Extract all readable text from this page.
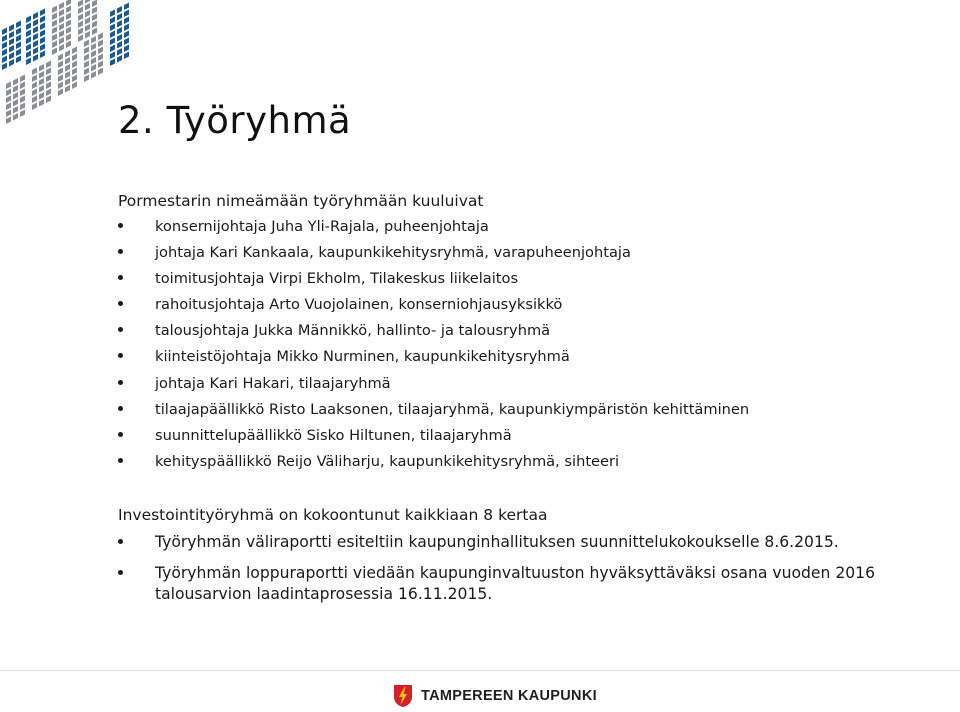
2. Työryhmä

Pormestarin nimeämään työryhmään kuuluivat

konsernijohtaja Juha Yli-Rajala, puheenjohtaja
johtaja Kari Kankaala, kaupunkikehitysryhmä, varapuheenjohtaja
toimitusjohtaja Virpi Ekholm, Tilakeskus liikelaitos
rahoitusjohtaja Arto Vuojolainen, konserniohjausyksikkö
talousjohtaja Jukka Männikkö, hallinto- ja talousryhmä
kiinteistöjohtaja Mikko Nurminen, kaupunkikehitysryhmä
johtaja Kari Hakari, tilaajaryhmä
tilaajapäällikkö Risto Laaksonen, tilaajaryhmä, kaupunkiympäristön kehittäminen
suunnittelupäällikkö Sisko Hiltunen, tilaajaryhmä
kehityspäällikkö Reijo Väliharju, kaupunkikehitysryhmä, sihteeri

Investointityöryhmä on kokoontunut kaikkiaan 8 kertaa

Työryhmän väliraportti esiteltiin kaupunginhallituksen suunnittelukokoukselle 8.6.2015.
Työryhmän loppuraportti viedään kaupunginvaltuuston hyväksyttäväksi osana vuoden 2016 talousarvion laadintaprosessia 16.11.2015.
TAMPEREEN KAUPUNKI
